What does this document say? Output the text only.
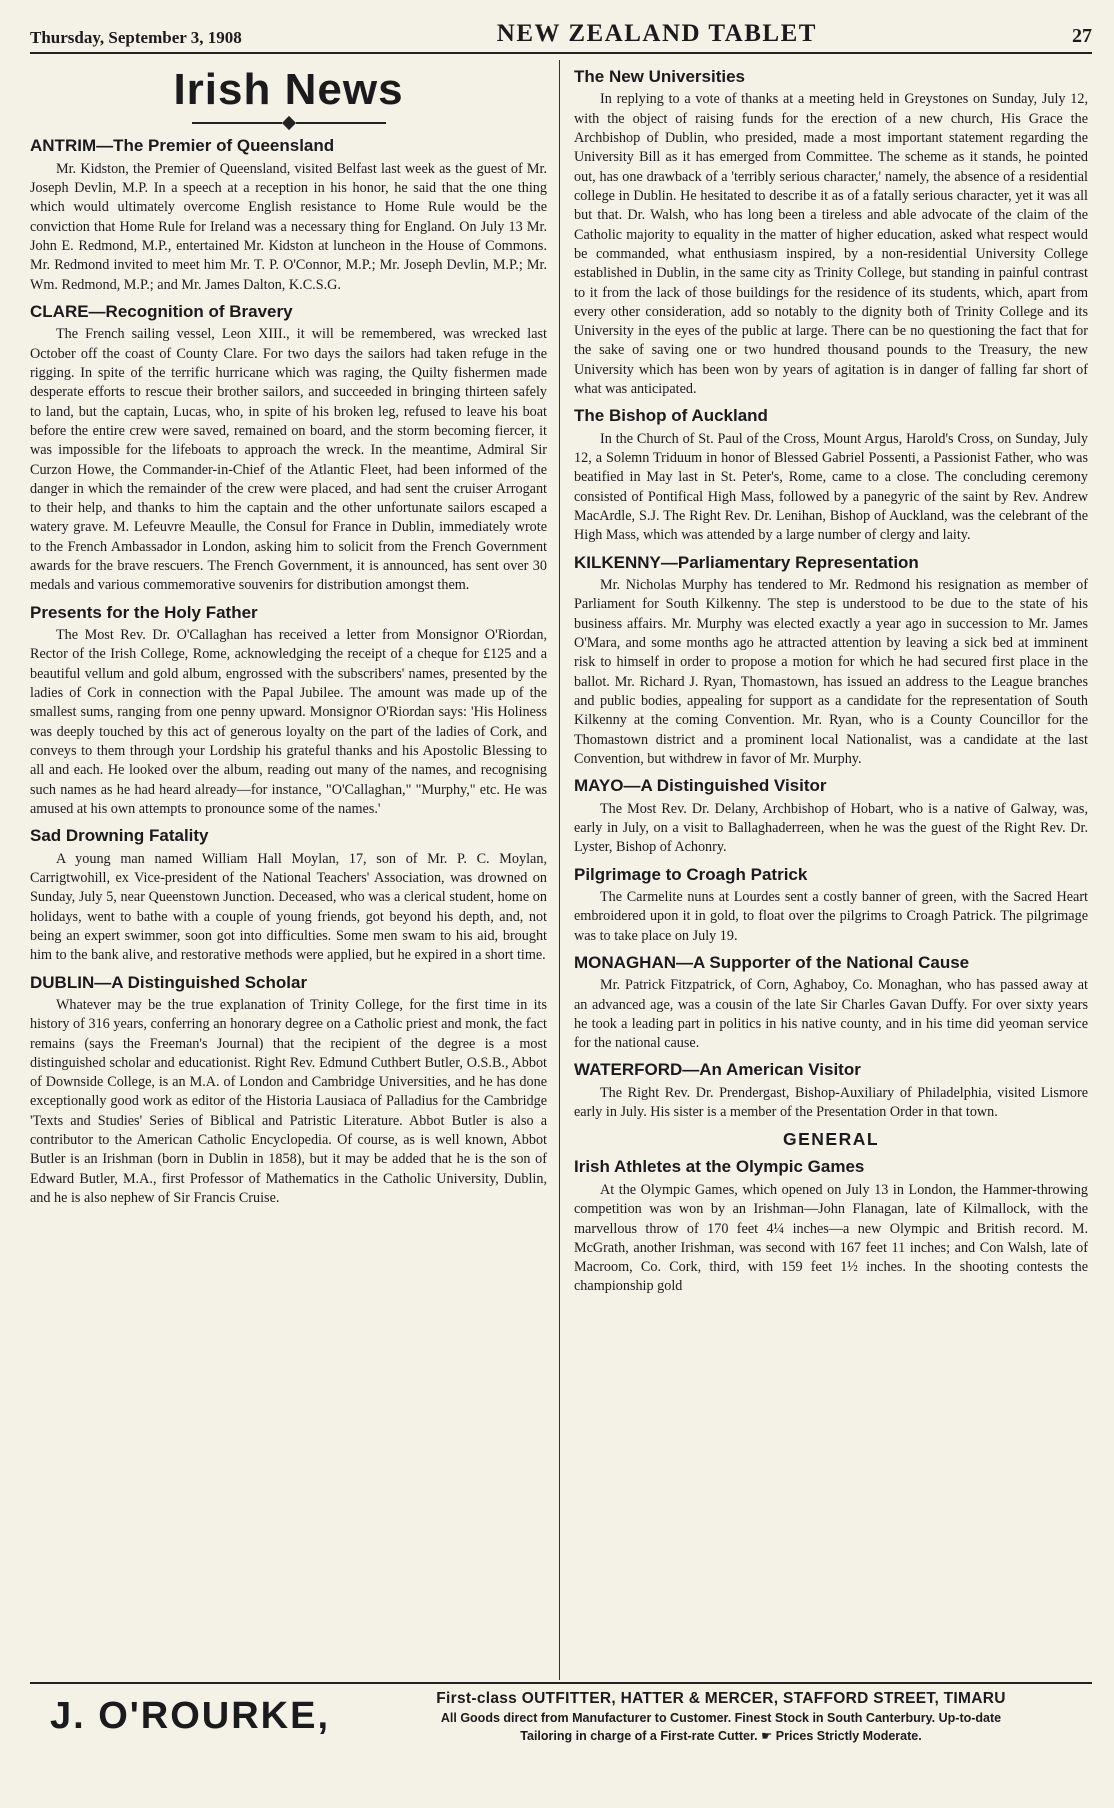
Thursday, September 3, 1908	NEW ZEALAND TABLET	27
Irish News
ANTRIM—The Premier of Queensland

Mr. Kidston, the Premier of Queensland, visited Belfast last week as the guest of Mr. Joseph Devlin, M.P. In a speech at a reception in his honor, he said that the one thing which would ultimately overcome English resistance to Home Rule would be the conviction that Home Rule for Ireland was a necessary thing for England. On July 13 Mr. John E. Redmond, M.P., entertained Mr. Kidston at luncheon in the House of Commons. Mr. Redmond invited to meet him Mr. T. P. O'Connor, M.P.; Mr. Joseph Devlin, M.P.; Mr. Wm. Redmond, M.P.; and Mr. James Dalton, K.C.S.G.

CLARE—Recognition of Bravery

The French sailing vessel, Leon XIII., it will be remembered, was wrecked last October off the coast of County Clare. For two days the sailors had taken refuge in the rigging. In spite of the terrific hurricane which was raging, the Quilty fishermen made desperate efforts to rescue their brother sailors, and succeeded in bringing thirteen safely to land, but the captain, Lucas, who, in spite of his broken leg, refused to leave his boat before the entire crew were saved, remained on board, and the storm becoming fiercer, it was impossible for the lifeboats to approach the wreck. In the meantime, Admiral Sir Curzon Howe, the Commander-in-Chief of the Atlantic Fleet, had been informed of the danger in which the remainder of the crew were placed, and had sent the cruiser Arrogant to their help, and thanks to him the captain and the other unfortunate sailors escaped a watery grave. M. Lefeuvre Meaulle, the Consul for France in Dublin, immediately wrote to the French Ambassador in London, asking him to solicit from the French Government awards for the brave rescuers. The French Government, it is announced, has sent over 30 medals and various commemorative souvenirs for distribution amongst them.

Presents for the Holy Father

The Most Rev. Dr. O'Callaghan has received a letter from Monsignor O'Riordan, Rector of the Irish College, Rome, acknowledging the receipt of a cheque for £125 and a beautiful vellum and gold album, engrossed with the subscribers' names, presented by the ladies of Cork in connection with the Papal Jubilee. The amount was made up of the smallest sums, ranging from one penny upward. Monsignor O'Riordan says: 'His Holiness was deeply touched by this act of generous loyalty on the part of the ladies of Cork, and conveys to them through your Lordship his grateful thanks and his Apostolic Blessing to all and each. He looked over the album, reading out many of the names, and recognising such names as he had heard already—for instance, "O'Callaghan," "Murphy," etc. He was amused at his own attempts to pronounce some of the names.'

Sad Drowning Fatality

A young man named William Hall Moylan, 17, son of Mr. P. C. Moylan, Carrigtwohill, ex Vice-president of the National Teachers' Association, was drowned on Sunday, July 5, near Queenstown Junction. Deceased, who was a clerical student, home on holidays, went to bathe with a couple of young friends, got beyond his depth, and, not being an expert swimmer, soon got into difficulties. Some men swam to his aid, brought him to the bank alive, and restorative methods were applied, but he expired in a short time.

DUBLIN—A Distinguished Scholar

Whatever may be the true explanation of Trinity College, for the first time in its history of 316 years, conferring an honorary degree on a Catholic priest and monk, the fact remains (says the Freeman's Journal) that the recipient of the degree is a most distinguished scholar and educationist. Right Rev. Edmund Cuthbert Butler, O.S.B., Abbot of Downside College, is an M.A. of London and Cambridge Universities, and he has done exceptionally good work as editor of the Historia Lausiaca of Palladius for the Cambridge 'Texts and Studies' Series of Biblical and Patristic Literature. Abbot Butler is also a contributor to the American Catholic Encyclopedia. Of course, as is well known, Abbot Butler is an Irishman (born in Dublin in 1858), but it may be added that he is the son of Edward Butler, M.A., first Professor of Mathematics in the Catholic University, Dublin, and he is also nephew of Sir Francis Cruise.

The New Universities

In replying to a vote of thanks at a meeting held in Greystones on Sunday, July 12, with the object of raising funds for the erection of a new church, His Grace the Archbishop of Dublin, who presided, made a most important statement regarding the University Bill as it has emerged from Committee. The scheme as it stands, he pointed out, has one drawback of a 'terribly serious character,' namely, the absence of a residential college in Dublin. He hesitated to describe it as of a fatally serious character, yet it was all but that. Dr. Walsh, who has long been a tireless and able advocate of the claim of the Catholic majority to equality in the matter of higher education, asked what respect would be commanded, what enthusiasm inspired, by a non-residential University College established in Dublin, in the same city as Trinity College, but standing in painful contrast to it from the lack of those buildings for the residence of its students, which, apart from every other consideration, add so notably to the dignity both of Trinity College and its University in the eyes of the public at large. There can be no questioning the fact that for the sake of saving one or two hundred thousand pounds to the Treasury, the new University which has been won by years of agitation is in danger of falling far short of what was anticipated.

The Bishop of Auckland

In the Church of St. Paul of the Cross, Mount Argus, Harold's Cross, on Sunday, July 12, a Solemn Triduum in honor of Blessed Gabriel Possenti, a Passionist Father, who was beatified in May last in St. Peter's, Rome, came to a close. The concluding ceremony consisted of Pontifical High Mass, followed by a panegyric of the saint by Rev. Andrew MacArdle, S.J. The Right Rev. Dr. Lenihan, Bishop of Auckland, was the celebrant of the High Mass, which was attended by a large number of clergy and laity.

KILKENNY—Parliamentary Representation

Mr. Nicholas Murphy has tendered to Mr. Redmond his resignation as member of Parliament for South Kilkenny. The step is understood to be due to the state of his business affairs. Mr. Murphy was elected exactly a year ago in succession to Mr. James O'Mara, and some months ago he attracted attention by leaving a sick bed at imminent risk to himself in order to propose a motion for which he had secured first place in the ballot. Mr. Richard J. Ryan, Thomastown, has issued an address to the League branches and public bodies, appealing for support as a candidate for the representation of South Kilkenny at the coming Convention. Mr. Ryan, who is a County Councillor for the Thomastown district and a prominent local Nationalist, was a candidate at the last Convention, but withdrew in favor of Mr. Murphy.

MAYO—A Distinguished Visitor

The Most Rev. Dr. Delany, Archbishop of Hobart, who is a native of Galway, was, early in July, on a visit to Ballaghaderreen, when he was the guest of the Right Rev. Dr. Lyster, Bishop of Achonry.

Pilgrimage to Croagh Patrick

The Carmelite nuns at Lourdes sent a costly banner of green, with the Sacred Heart embroidered upon it in gold, to float over the pilgrims to Croagh Patrick. The pilgrimage was to take place on July 19.

MONAGHAN—A Supporter of the National Cause

Mr. Patrick Fitzpatrick, of Corn, Aghaboy, Co. Monaghan, who has passed away at an advanced age, was a cousin of the late Sir Charles Gavan Duffy. For over sixty years he took a leading part in politics in his native county, and in his time did yeoman service for the national cause.

WATERFORD—An American Visitor

The Right Rev. Dr. Prendergast, Bishop-Auxiliary of Philadelphia, visited Lismore early in July. His sister is a member of the Presentation Order in that town.

GENERAL
Irish Athletes at the Olympic Games

At the Olympic Games, which opened on July 13 in London, the Hammer-throwing competition was won by an Irishman—John Flanagan, late of Kilmallock, with the marvellous throw of 170 feet 4¼ inches—a new Olympic and British record. M. McGrath, another Irishman, was second with 167 feet 11 inches; and Con Walsh, late of Macroom, Co. Cork, third, with 159 feet 1½ inches. In the shooting contests the championship gold

J. O'ROURKE,	First-class OUTFITTER, HATTER & MERCER, STAFFORD STREET, TIMARU
All Goods direct from Manufacturer to Customer. Finest Stock in South Canterbury. Up-to-date
Tailoring in charge of a First-rate Cutter. ☛ Prices Strictly Moderate.
